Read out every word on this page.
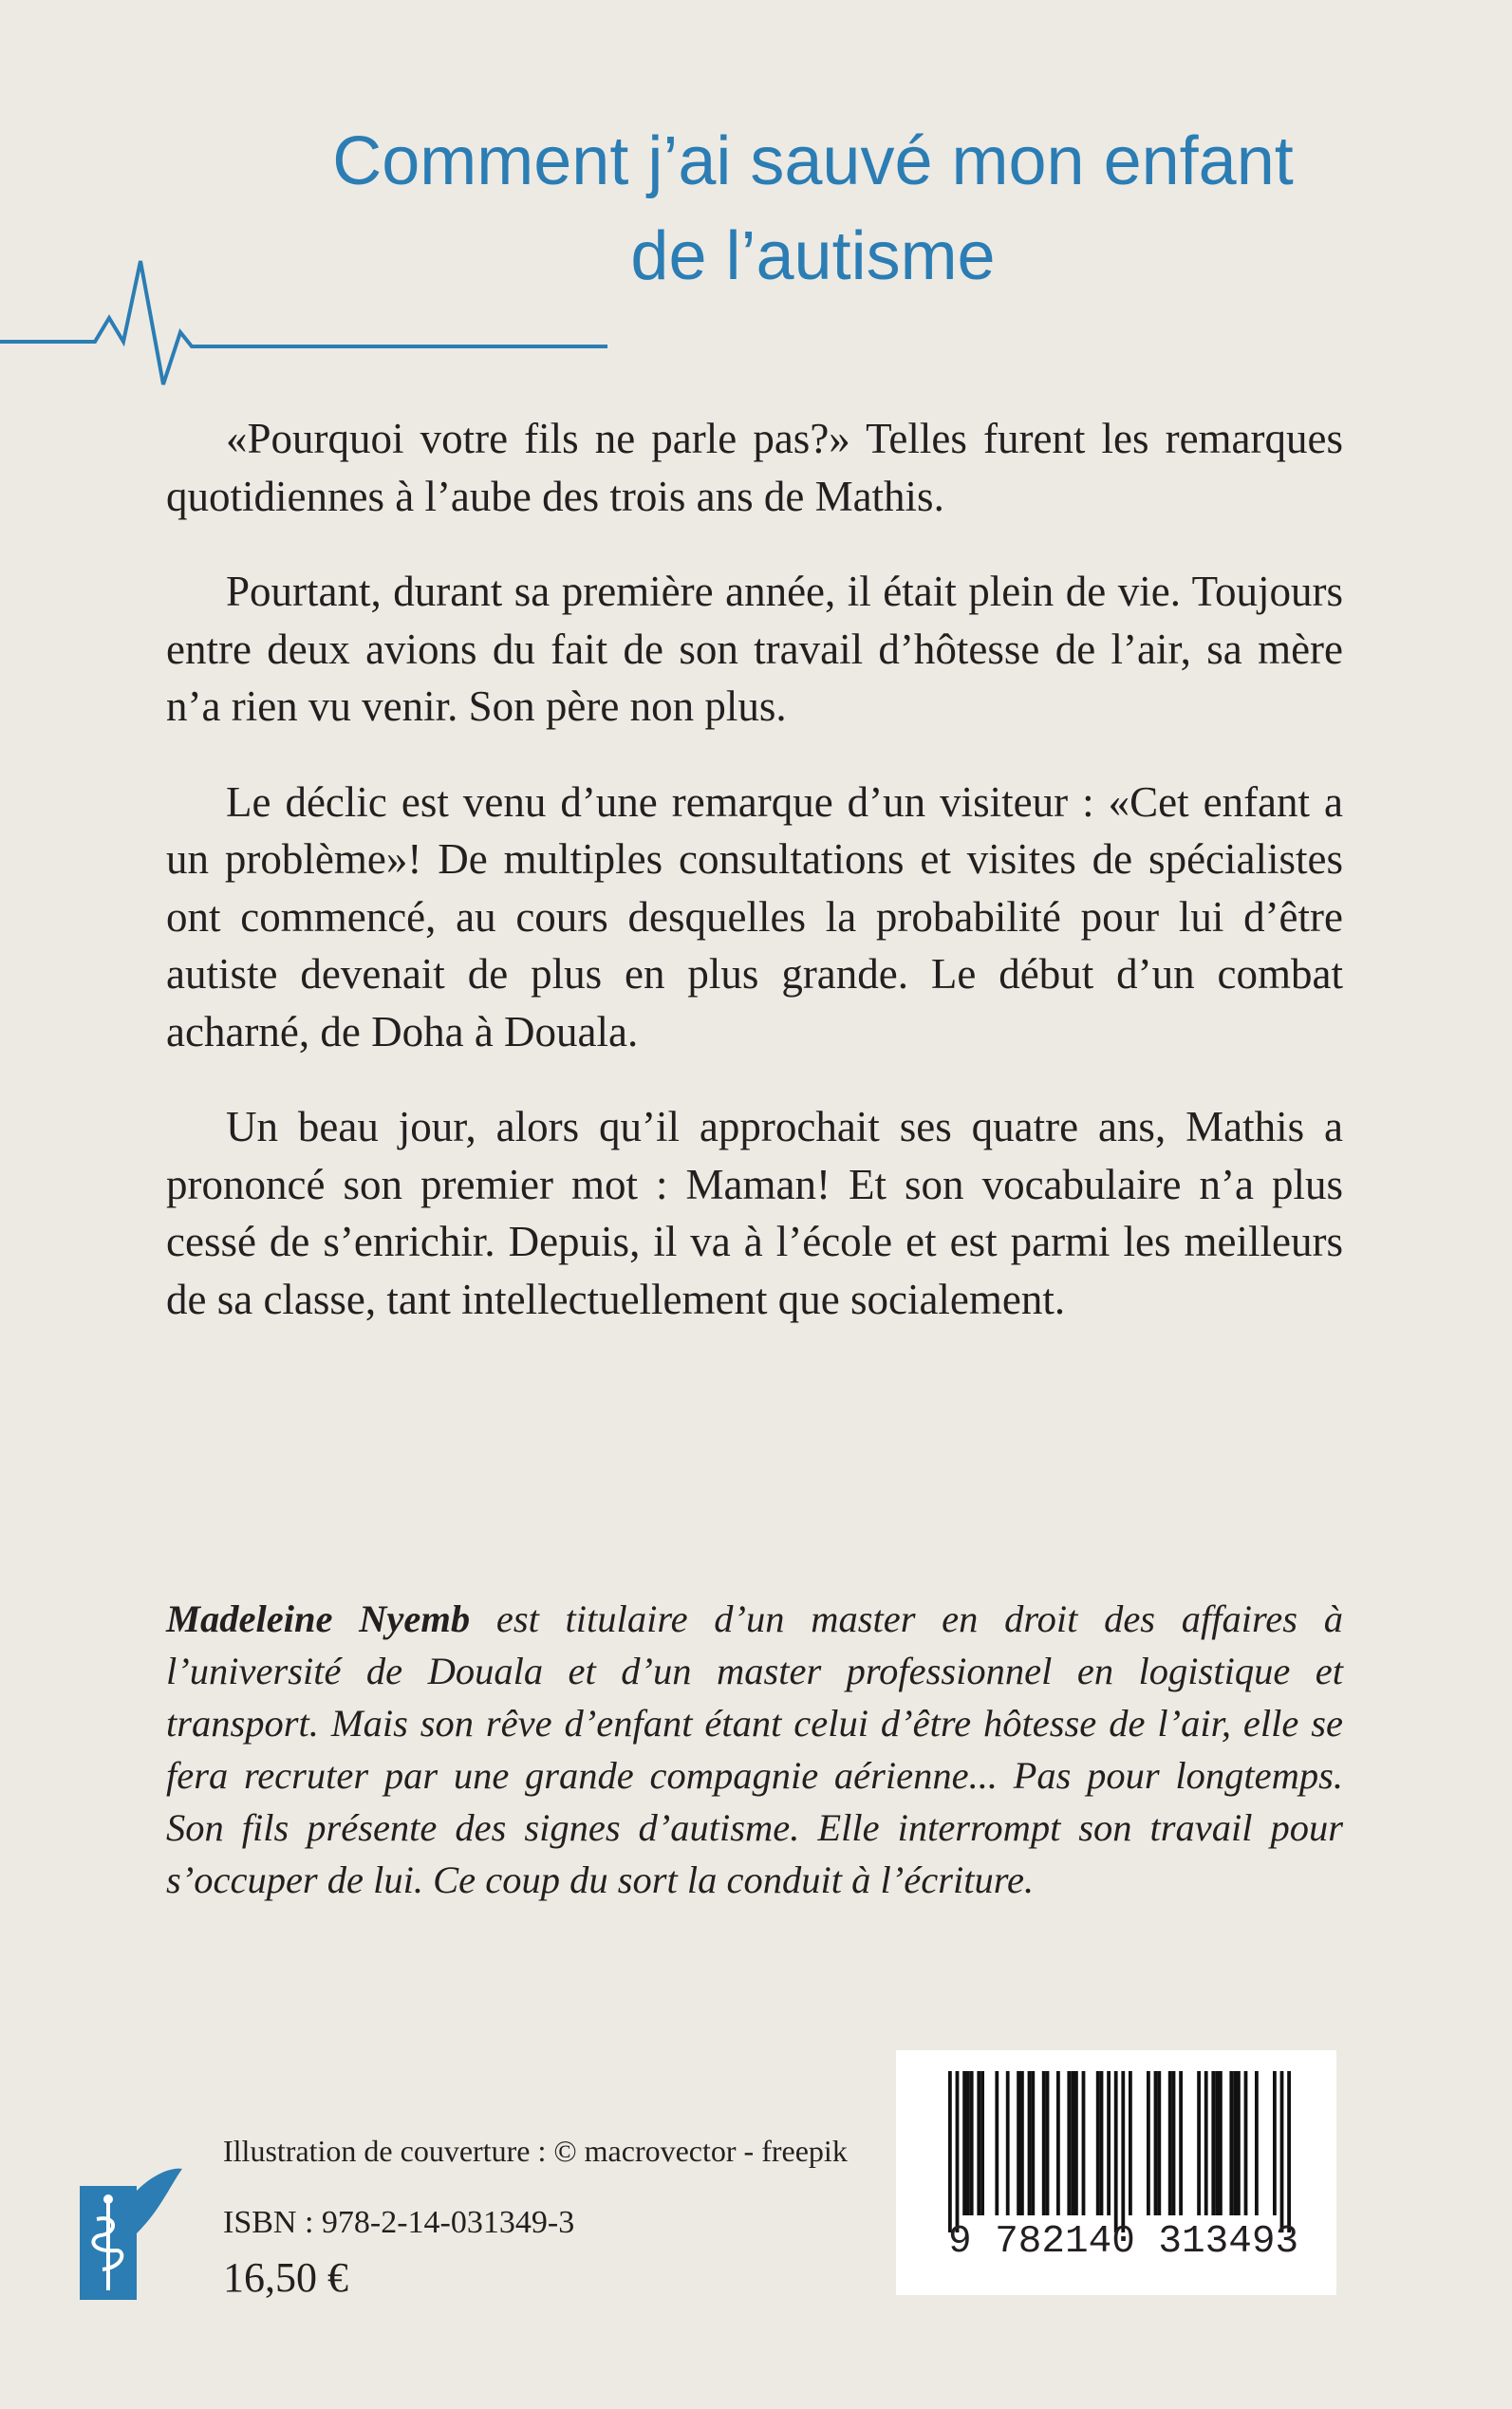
Comment j’ai sauvé mon enfant
de l’autisme

«Pourquoi votre fils ne parle pas?» Telles furent les remarques quotidiennes à l’aube des trois ans de Mathis.

Pourtant, durant sa première année, il était plein de vie. Toujours entre deux avions du fait de son travail d’hôtesse de l’air, sa mère n’a rien vu venir. Son père non plus.

Le déclic est venu d’une remarque d’un visiteur : «Cet enfant a un problème»! De multiples consultations et visites de spécialistes ont commencé, au cours desquelles la probabilité pour lui d’être autiste devenait de plus en plus grande. Le début d’un combat acharné, de Doha à Douala.

Un beau jour, alors qu’il approchait ses quatre ans, Mathis a prononcé son premier mot : Maman! Et son vocabulaire n’a plus cessé de s’enrichir. Depuis, il va à l’école et est parmi les meilleurs de sa classe, tant intellectuellement que socialement.

Madeleine Nyemb est titulaire d’un master en droit des affaires à l’université de Douala et d’un master professionnel en logistique et transport. Mais son rêve d’enfant étant celui d’être hôtesse de l’air, elle se fera recruter par une grande compagnie aérienne... Pas pour longtemps. Son fils présente des signes d’autisme. Elle interrompt son travail pour s’occuper de lui. Ce coup du sort la conduit à l’écriture.

Illustration de couverture : © macrovector - freepik
ISBN : 978-2-14-031349-3
16,50 €
9 782140 313493
